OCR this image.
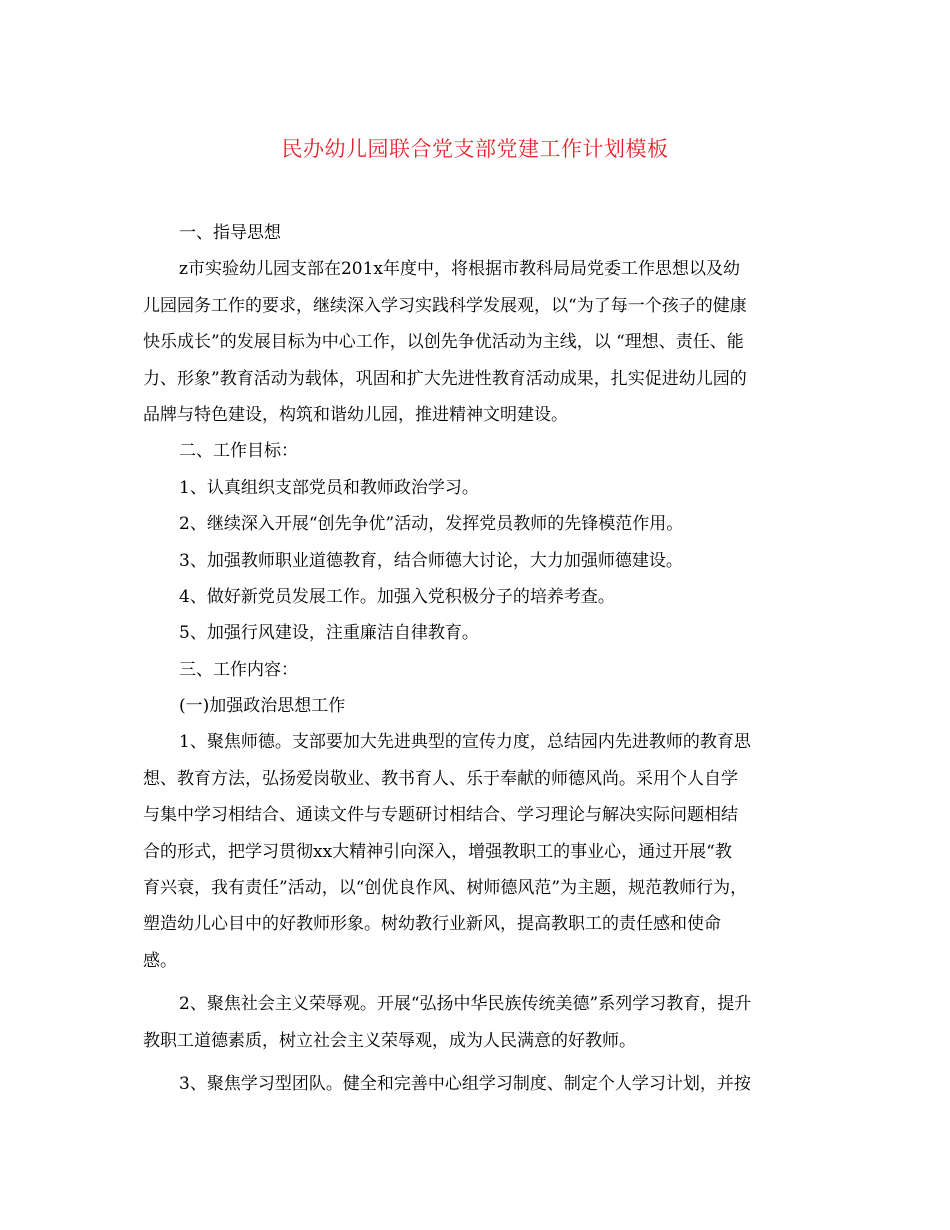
民办幼儿园联合党支部党建工作计划模板
一、指导思想
z市实验幼儿园支部在201x年度中，将根据市教科局局党委工作思想以及幼
儿园园务工作的要求，继续深入学习实践科学发展观，以“为了每一个孩子的健康
快乐成长”的发展目标为中心工作，以创先争优活动为主线，以 “理想、责任、能
力、形象”教育活动为载体，巩固和扩大先进性教育活动成果，扎实促进幼儿园的
品牌与特色建设，构筑和谐幼儿园，推进精神文明建设。
二、工作目标：
1、认真组织支部党员和教师政治学习。
2、继续深入开展“创先争优”活动，发挥党员教师的先锋模范作用。
3、加强教师职业道德教育，结合师德大讨论，大力加强师德建设。
4、做好新党员发展工作。加强入党积极分子的培养考查。
5、加强行风建设，注重廉洁自律教育。
三、工作内容：
(一)加强政治思想工作
1、聚焦师德。支部要加大先进典型的宣传力度，总结园内先进教师的教育思
想、教育方法，弘扬爱岗敬业、教书育人、乐于奉献的师德风尚。采用个人自学
与集中学习相结合、通读文件与专题研讨相结合、学习理论与解决实际问题相结
合的形式，把学习贯彻xx大精神引向深入，增强教职工的事业心，通过开展“教
育兴衰，我有责任”活动，以“创优良作风、树师德风范”为主题，规范教师行为，
塑造幼儿心目中的好教师形象。树幼教行业新风，提高教职工的责任感和使命
感。
2、聚焦社会主义荣辱观。开展“弘扬中华民族传统美德”系列学习教育，提升
教职工道德素质，树立社会主义荣辱观，成为人民满意的好教师。
3、聚焦学习型团队。健全和完善中心组学习制度、制定个人学习计划，并按
